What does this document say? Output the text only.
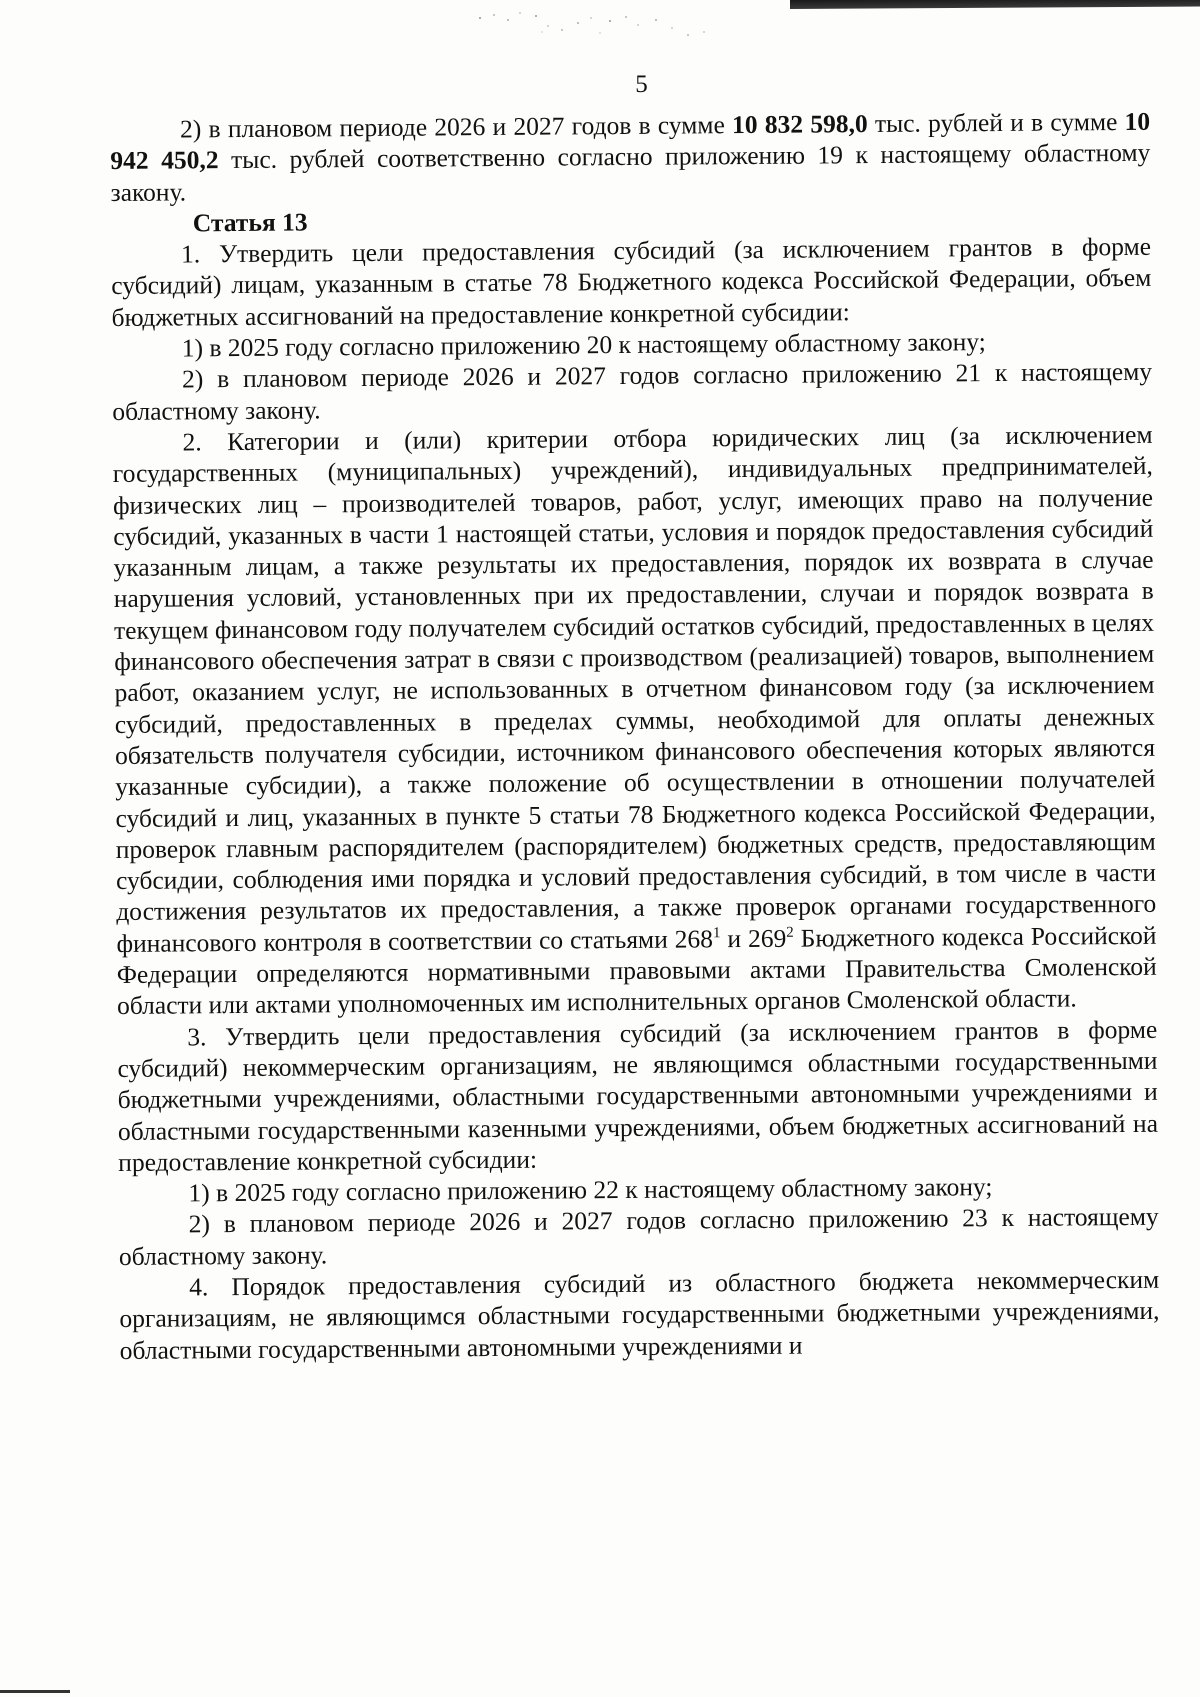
5

2) в плановом периоде 2026 и 2027 годов в сумме 10 832 598,0 тыс. рублей и в сумме 10 942 450,2 тыс. рублей соответственно согласно приложению 19 к настоящему областному закону.

Статья 13

1. Утвердить цели предоставления субсидий (за исключением грантов в форме субсидий) лицам, указанным в статье 78 Бюджетного кодекса Российской Федерации, объем бюджетных ассигнований на предоставление конкретной субсидии:

1) в 2025 году согласно приложению 20 к настоящему областному закону;

2) в плановом периоде 2026 и 2027 годов согласно приложению 21 к настоящему областному закону.

2. Категории и (или) критерии отбора юридических лиц (за исключением государственных (муниципальных) учреждений), индивидуальных предпринимателей, физических лиц – производителей товаров, работ, услуг, имеющих право на получение субсидий, указанных в части 1 настоящей статьи, условия и порядок предоставления субсидий указанным лицам, а также результаты их предоставления, порядок их возврата в случае нарушения условий, установленных при их предоставлении, случаи и порядок возврата в текущем финансовом году получателем субсидий остатков субсидий, предоставленных в целях финансового обеспечения затрат в связи с производством (реализацией) товаров, выполнением работ, оказанием услуг, не использованных в отчетном финансовом году (за исключением субсидий, предоставленных в пределах суммы, необходимой для оплаты денежных обязательств получателя субсидии, источником финансового обеспечения которых являются указанные субсидии), а также положение об осуществлении в отношении получателей субсидий и лиц, указанных в пункте 5 статьи 78 Бюджетного кодекса Российской Федерации, проверок главным распорядителем (распорядителем) бюджетных средств, предоставляющим субсидии, соблюдения ими порядка и условий предоставления субсидий, в том числе в части достижения результатов их предоставления, а также проверок органами государственного финансового контроля в соответствии со статьями $268^1$ и $269^2$ Бюджетного кодекса Российской Федерации определяются нормативными правовыми актами Правительства Смоленской области или актами уполномоченных им исполнительных органов Смоленской области.

3. Утвердить цели предоставления субсидий (за исключением грантов в форме субсидий) некоммерческим организациям, не являющимся областными государственными бюджетными учреждениями, областными государственными автономными учреждениями и областными государственными казенными учреждениями, объем бюджетных ассигнований на предоставление конкретной субсидии:

1) в 2025 году согласно приложению 22 к настоящему областному закону;

2) в плановом периоде 2026 и 2027 годов согласно приложению 23 к настоящему областному закону.

4. Порядок предоставления субсидий из областного бюджета некоммерческим организациям, не являющимся областными государственными бюджетными учреждениями, областными государственными автономными учреждениями и
